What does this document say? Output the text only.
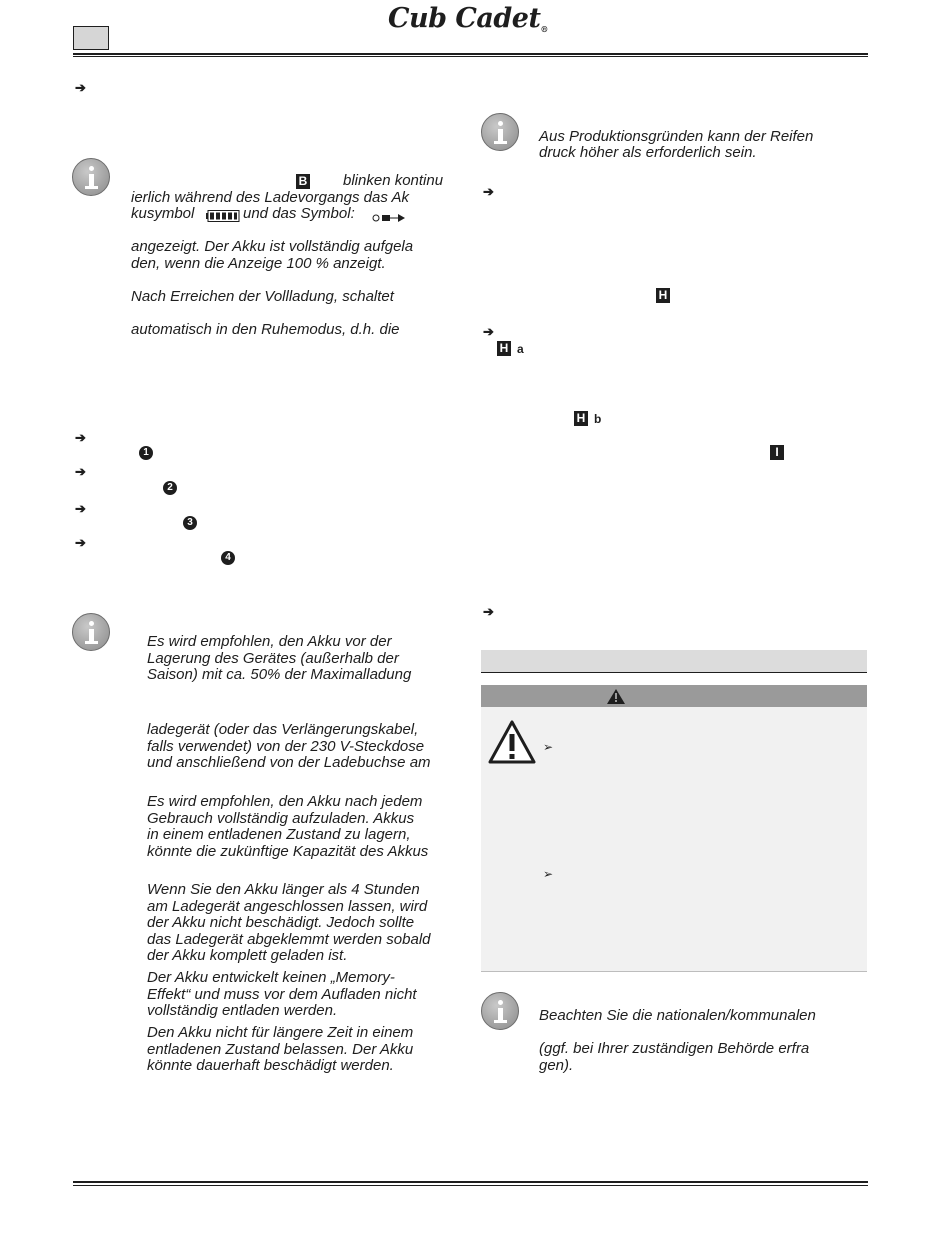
Cub Cadet®
➔
B blinken kontinu
ierlich während des Ladevorgangs das Ak
kusymbol	und das Symbol:
angezeigt. Der Akku ist vollständig aufgela
den, wenn die Anzeige 100 % anzeigt.
Nach Erreichen der Vollladung, schaltet
automatisch in den Ruhemodus, d.h. die
➔
1
➔
2
➔
3
➔
4
Es wird empfohlen, den Akku vor der
Lagerung des Gerätes (außerhalb der
Saison) mit ca. 50% der Maximalladung
ladegerät (oder das Verlängerungskabel,
falls verwendet) von der 230 V-Steckdose
und anschließend von der Ladebuchse am
Es wird empfohlen, den Akku nach jedem
Gebrauch vollständig aufzuladen. Akkus
in einem entladenen Zustand zu lagern,
könnte die zukünftige Kapazität des Akkus
Wenn Sie den Akku länger als 4 Stunden
am Ladegerät angeschlossen lassen, wird
der Akku nicht beschädigt. Jedoch sollte
das Ladegerät abgeklemmt werden sobald
der Akku komplett geladen ist.
Der Akku entwickelt keinen „Memory-
Effekt“ und muss vor dem Aufladen nicht
vollständig entladen werden.
Den Akku nicht für längere Zeit in einem
entladenen Zustand belassen. Der Akku
könnte dauerhaft beschädigt werden.
Aus Produktionsgründen kann der Reifen
druck höher als erforderlich sein.
➔
H
➔
H a
H b
I
➔
➢
➢
Beachten Sie die nationalen/kommunalen
(ggf. bei Ihrer zuständigen Behörde erfra
gen).
